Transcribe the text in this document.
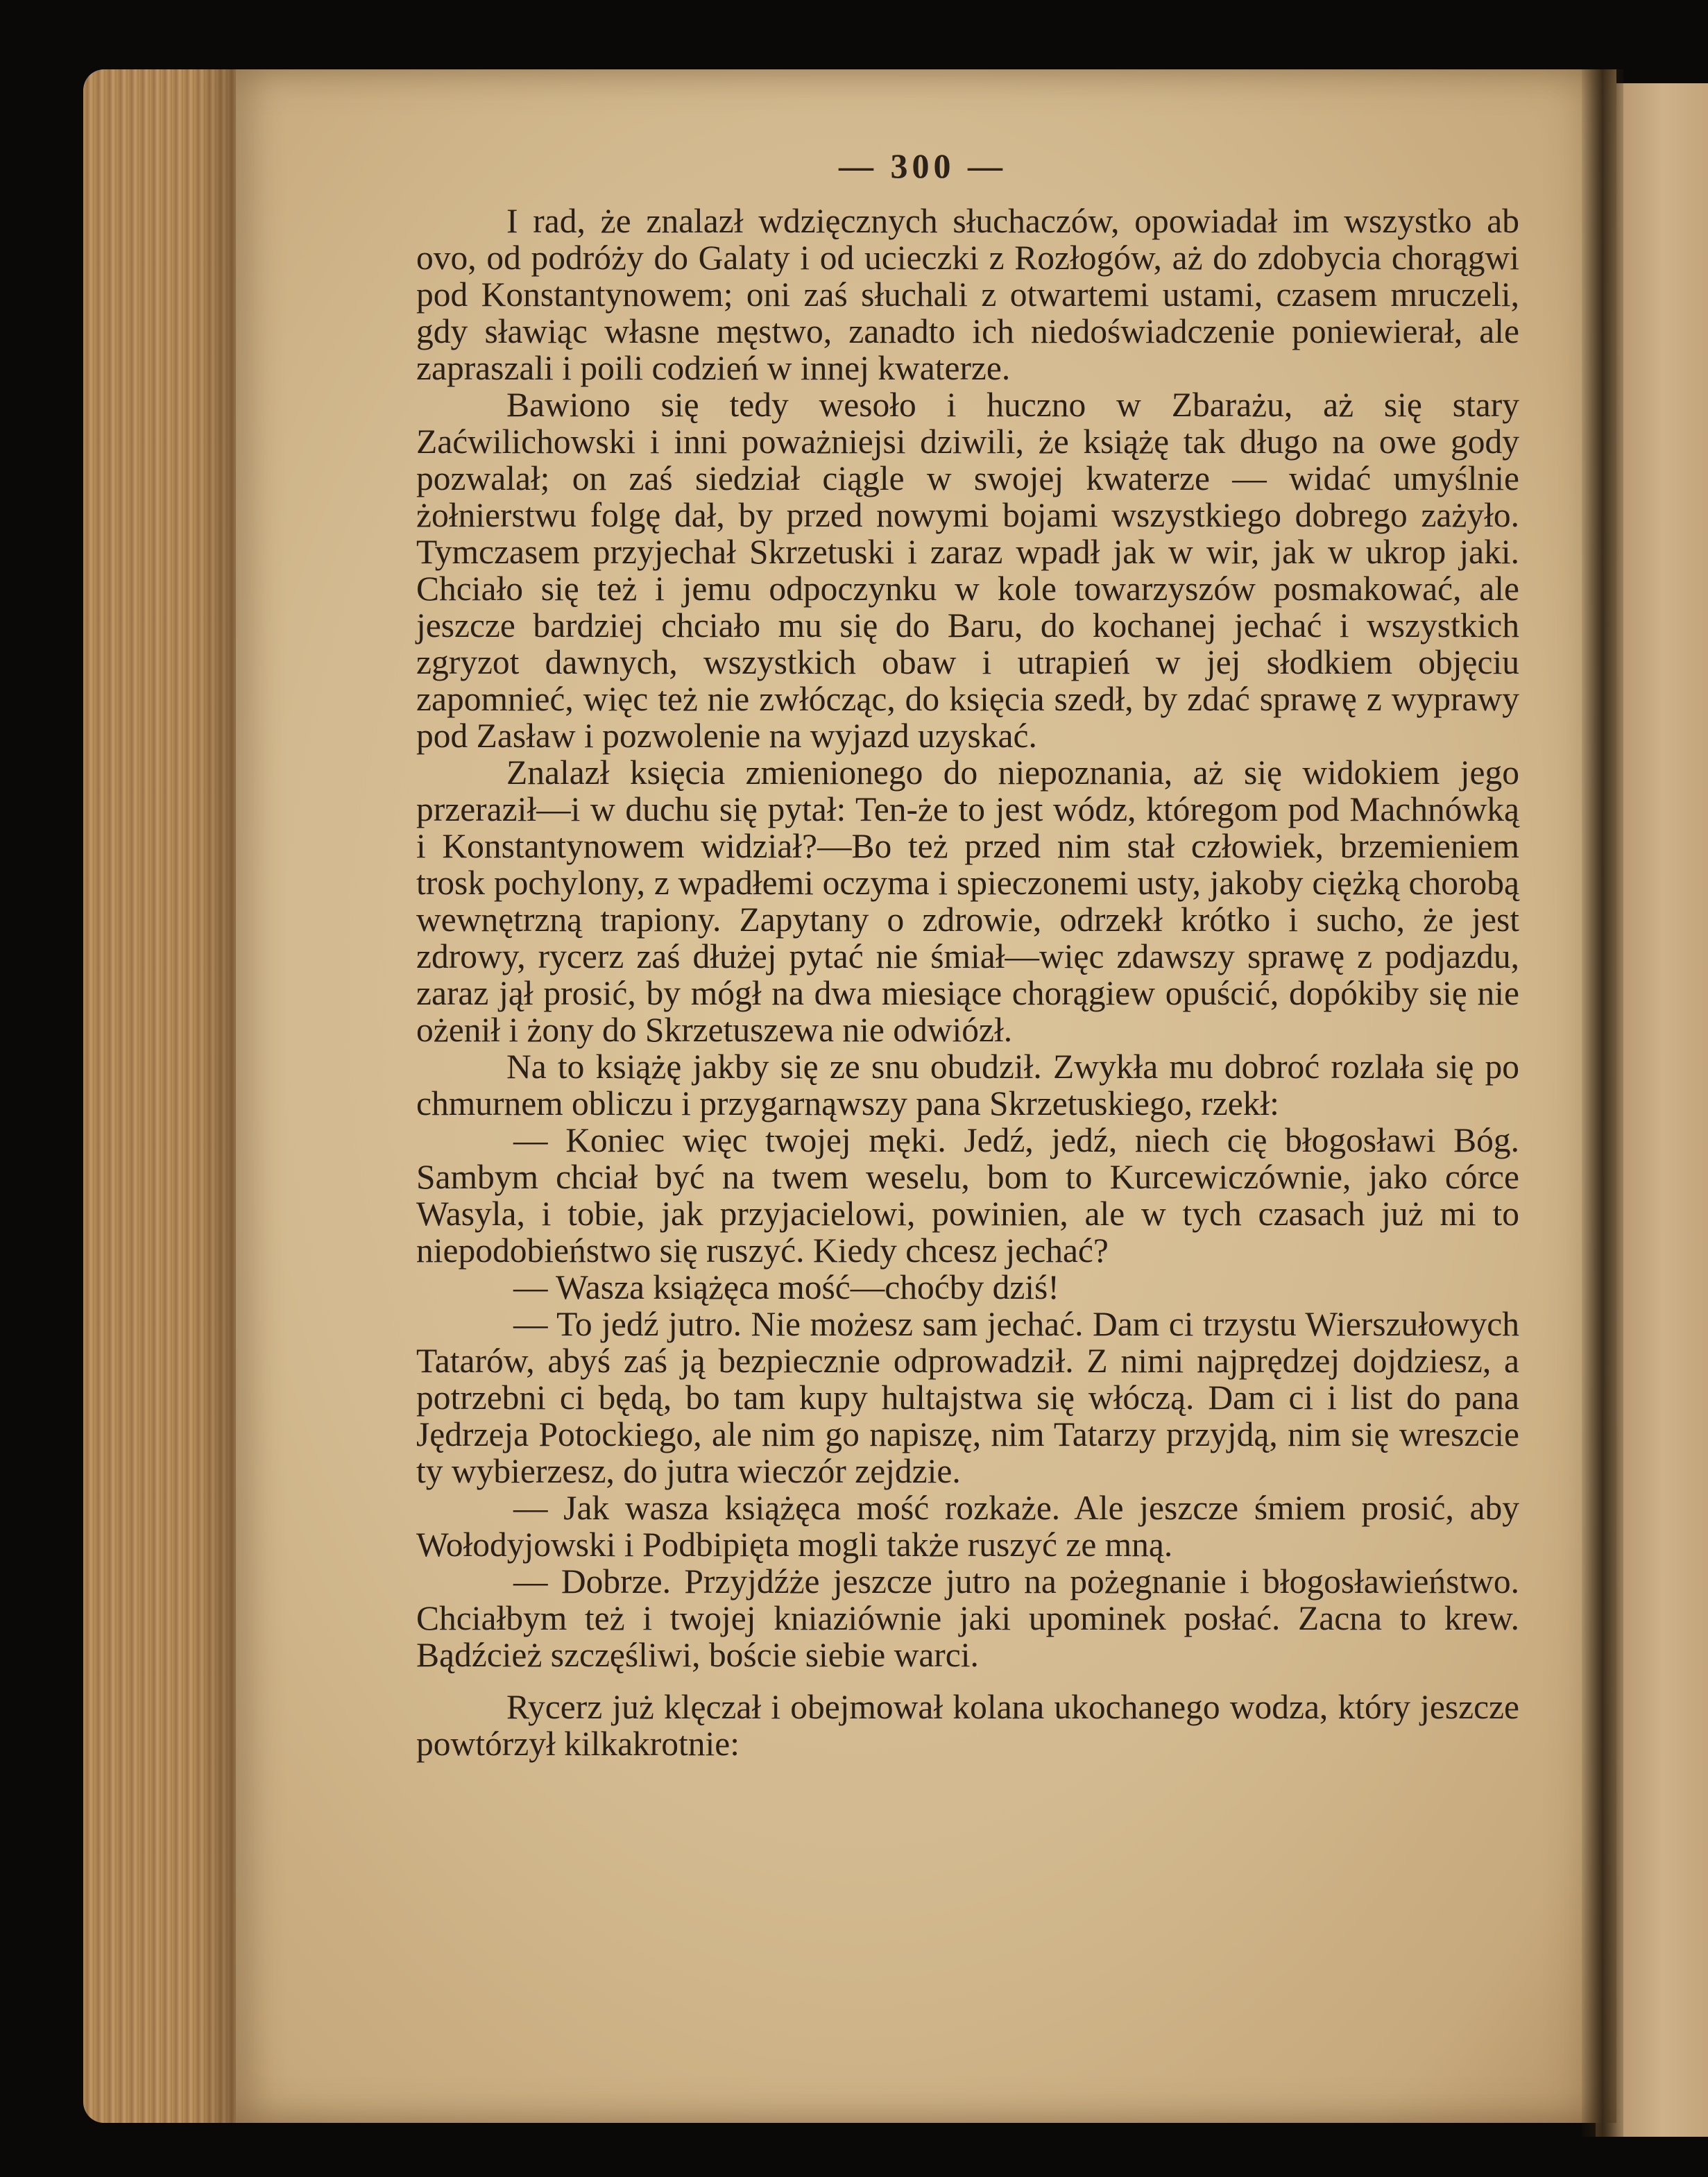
— 300 —

I rad, że znalazł wdzięcznych słuchaczów, opowiadał im wszystko ab ovo, od podróży do Galaty i od ucieczki z Rozłogów, aż do zdobycia chorągwi pod Konstantynowem; oni zaś słuchali z otwartemi ustami, czasem mruczeli, gdy sławiąc własne męstwo, zanadto ich niedoświadczenie poniewierał, ale zapraszali i poili codzień w innej kwaterze.

Bawiono się tedy wesoło i huczno w Zbarażu, aż się stary Zaćwilichowski i inni poważniejsi dziwili, że książę tak długo na owe gody pozwalał; on zaś siedział ciągle w swojej kwaterze — widać umyślnie żołnierstwu folgę dał, by przed nowymi bojami wszystkiego dobrego zażyło. Tymczasem przyjechał Skrzetuski i zaraz wpadł jak w wir, jak w ukrop jaki. Chciało się też i jemu odpoczynku w kole towarzyszów posmakować, ale jeszcze bardziej chciało mu się do Baru, do kochanej jechać i wszystkich zgryzot dawnych, wszystkich obaw i utrapień w jej słodkiem objęciu zapomnieć, więc też nie zwłócząc, do księcia szedł, by zdać sprawę z wyprawy pod Zasław i pozwolenie na wyjazd uzyskać.

Znalazł księcia zmienionego do niepoznania, aż się widokiem jego przeraził—i w duchu się pytał: Ten-że to jest wódz, któregom pod Machnówką i Konstantynowem widział?—Bo też przed nim stał człowiek, brzemieniem trosk pochylony, z wpadłemi oczyma i spieczonemi usty, jakoby ciężką chorobą wewnętrzną trapiony. Zapytany o zdrowie, odrzekł krótko i sucho, że jest zdrowy, rycerz zaś dłużej pytać nie śmiał—więc zdawszy sprawę z podjazdu, zaraz jął prosić, by mógł na dwa miesiące chorągiew opuścić, dopókiby się nie ożenił i żony do Skrzetuszewa nie odwiózł.

Na to książę jakby się ze snu obudził. Zwykła mu dobroć rozlała się po chmurnem obliczu i przygarnąwszy pana Skrzetuskiego, rzekł:

— Koniec więc twojej męki. Jedź, jedź, niech cię błogosławi Bóg. Sambym chciał być na twem weselu, bom to Kurcewiczównie, jako córce Wasyla, i tobie, jak przyjacielowi, powinien, ale w tych czasach już mi to niepodobieństwo się ruszyć. Kiedy chcesz jechać?

— Wasza książęca mość—choćby dziś!

— To jedź jutro. Nie możesz sam jechać. Dam ci trzystu Wierszułowych Tatarów, abyś zaś ją bezpiecznie odprowadził. Z nimi najprędzej dojdziesz, a potrzebni ci będą, bo tam kupy hultajstwa się włóczą. Dam ci i list do pana Jędrzeja Potockiego, ale nim go napiszę, nim Tatarzy przyjdą, nim się wreszcie ty wybierzesz, do jutra wieczór zejdzie.

— Jak wasza książęca mość rozkaże. Ale jeszcze śmiem prosić, aby Wołodyjowski i Podbipięta mogli także ruszyć ze mną.

— Dobrze. Przyjdźże jeszcze jutro na pożegnanie i błogosławieństwo. Chciałbym też i twojej kniaziównie jaki upominek posłać. Zacna to krew. Bądźcież szczęśliwi, boście siebie warci.

Rycerz już klęczał i obejmował kolana ukochanego wodza, który jeszcze powtórzył kilkakrotnie:
